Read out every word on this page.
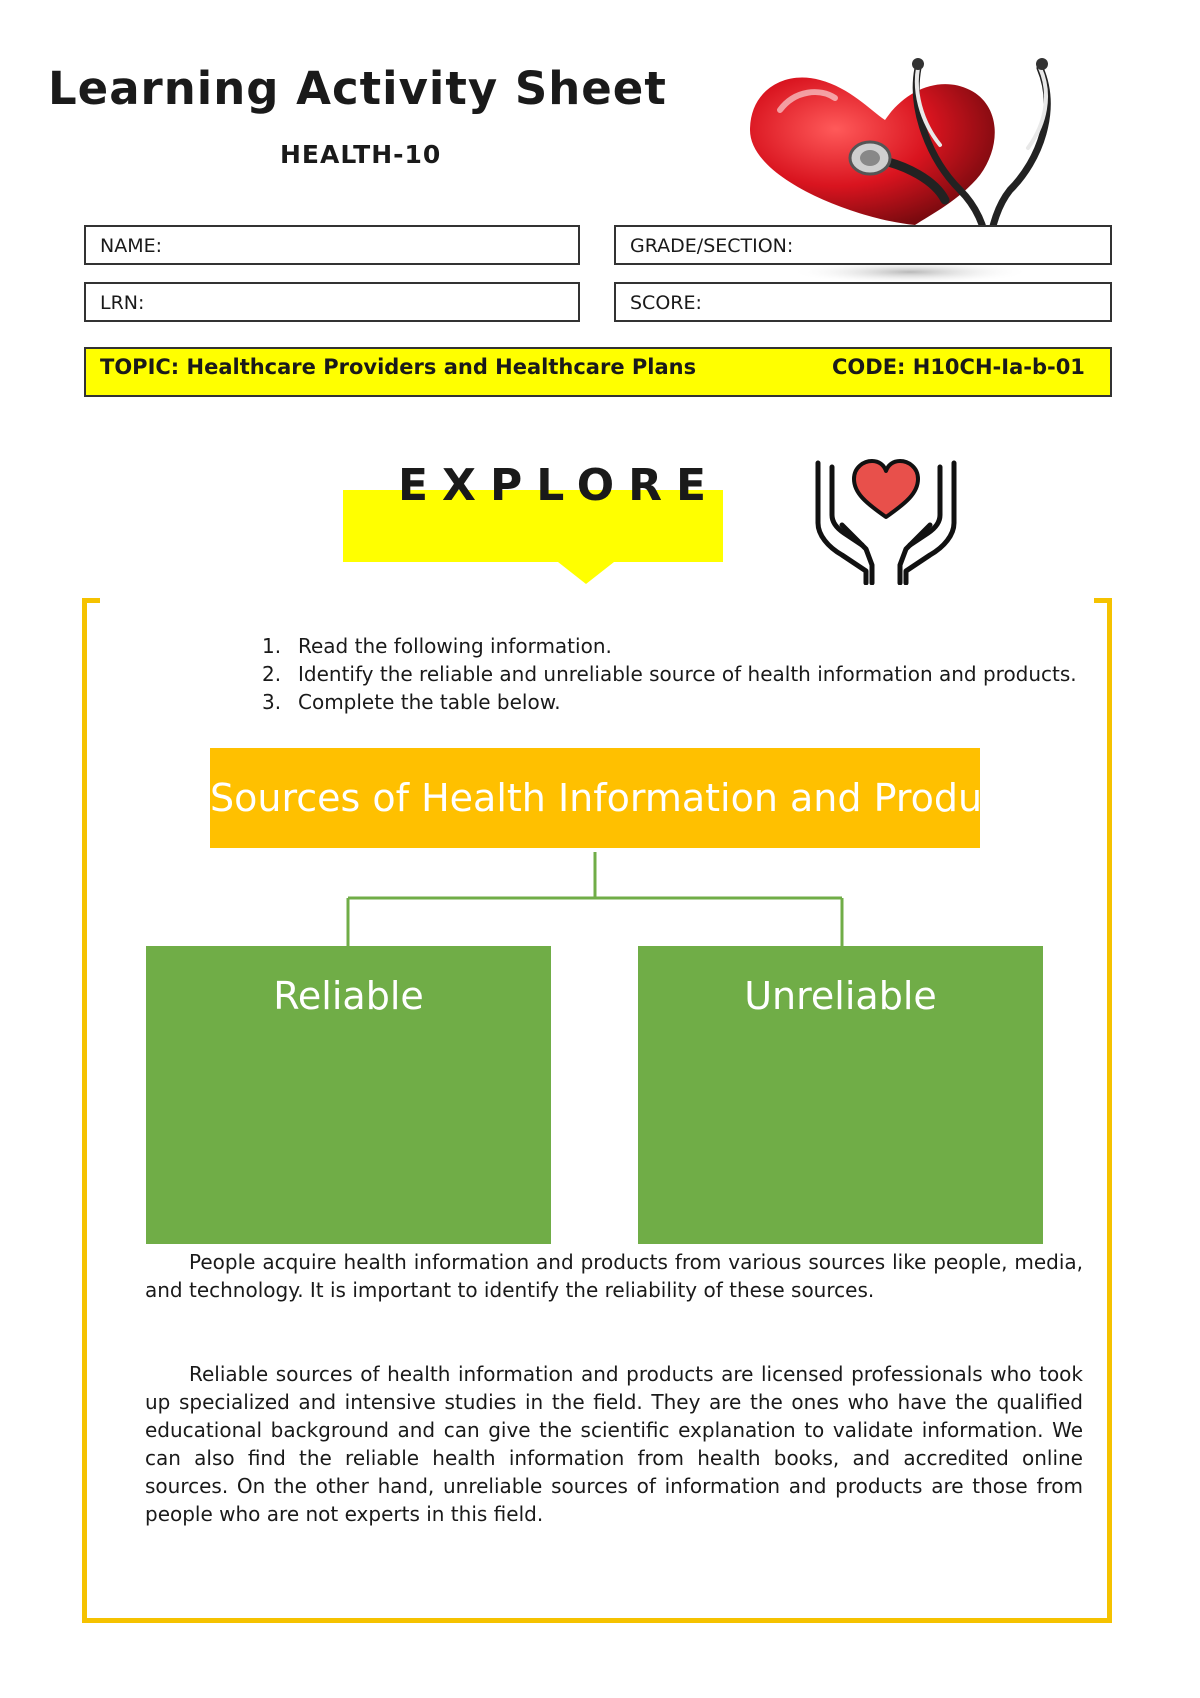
Learning Activity Sheet
HEALTH-10
NAME:	GRADE/SECTION:
LRN:	SCORE:
TOPIC: Healthcare Providers and Healthcare Plans	CODE: H10CH-Ia-b-01
EXPLORE
1. Read the following information.
2. Identify the reliable and unreliable source of health information and products.
3. Complete the table below.
Sources of Health Information and Products
Reliable	Unreliable

People acquire health information and products from various sources like people, media, and technology. It is important to identify the reliability of these sources.

Reliable sources of health information and products are licensed professionals who took up specialized and intensive studies in the field. They are the ones who have the qualified educational background and can give the scientific explanation to validate information. We can also find the reliable health information from health books, and accredited online sources. On the other hand, unreliable sources of information and products are those from people who are not experts in this field.
